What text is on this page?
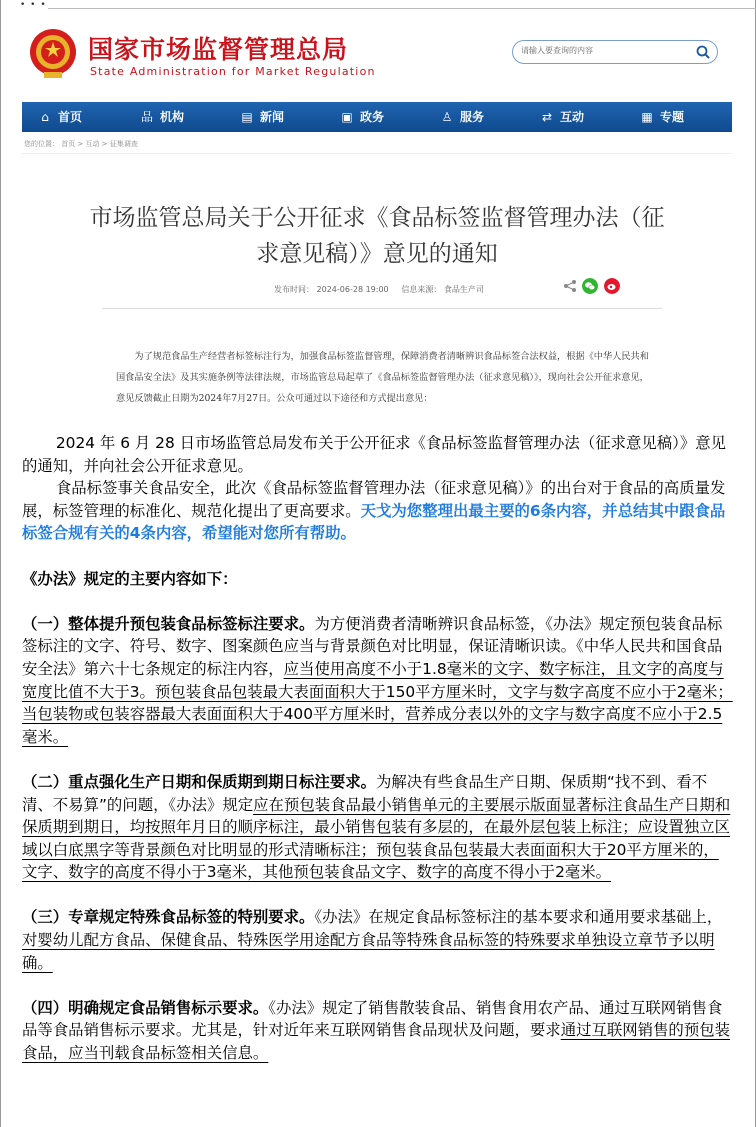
• • •
国家市场监督管理总局
State Administration for Market Regulation
请输入要查询的内容
⌂ 首页	品 机构	▤ 新闻	▣ 政务	♙ 服务	⇄ 互动	▦ 专题
您的位置： 首页 > 互动 > 征集调查
市场监管总局关于公开征求《食品标签监督管理办法（征求意见稿）》意见的通知
发布时间： 2024-06-28 19:00 信息来源： 食品生产司
为了规范食品生产经营者标签标注行为，加强食品标签监督管理，保障消费者清晰辨识食品标签合法权益，根据《中华人民共和国食品安全法》及其实施条例等法律法规，市场监管总局起草了《食品标签监督管理办法（征求意见稿）》，现向社会公开征求意见，意见反馈截止日期为2024年7月27日。公众可通过以下途径和方式提出意见：

2024 年 6 月 28 日市场监管总局发布关于公开征求《食品标签监督管理办法（征求意见稿）》意见的通知，并向社会公开征求意见。

食品标签事关食品安全，此次《食品标签监督管理办法（征求意见稿）》的出台对于食品的高质量发展，标签管理的标准化、规范化提出了更高要求。天戈为您整理出最主要的6条内容，并总结其中跟食品标签合规有关的4条内容，希望能对您所有帮助。

《办法》规定的主要内容如下：

（一）整体提升预包装食品标签标注要求。为方便消费者清晰辨识食品标签，《办法》规定预包装食品标签标注的文字、符号、数字、图案颜色应当与背景颜色对比明显，保证清晰识读。《中华人民共和国食品安全法》第六十七条规定的标注内容，应当使用高度不小于1.8毫米的文字、数字标注，且文字的高度与宽度比值不大于3。预包装食品包装最大表面面积大于150平方厘米时，文字与数字高度不应小于2毫米；当包装物或包装容器最大表面面积大于400平方厘米时，营养成分表以外的文字与数字高度不应小于2.5毫米。

（二）重点强化生产日期和保质期到期日标注要求。为解决有些食品生产日期、保质期“找不到、看不清、不易算”的问题，《办法》规定应在预包装食品最小销售单元的主要展示版面显著标注食品生产日期和保质期到期日，均按照年月日的顺序标注，最小销售包装有多层的，在最外层包装上标注；应设置独立区域以白底黑字等背景颜色对比明显的形式清晰标注；预包装食品包装最大表面面积大于20平方厘米的，文字、数字的高度不得小于3毫米，其他预包装食品文字、数字的高度不得小于2毫米。

（三）专章规定特殊食品标签的特别要求。《办法》在规定食品标签标注的基本要求和通用要求基础上，对婴幼儿配方食品、保健食品、特殊医学用途配方食品等特殊食品标签的特殊要求单独设立章节予以明确。

（四）明确规定食品销售标示要求。《办法》规定了销售散装食品、销售食用农产品、通过互联网销售食品等食品销售标示要求。尤其是，针对近年来互联网销售食品现状及问题，要求通过互联网销售的预包装食品，应当刊载食品标签相关信息。
